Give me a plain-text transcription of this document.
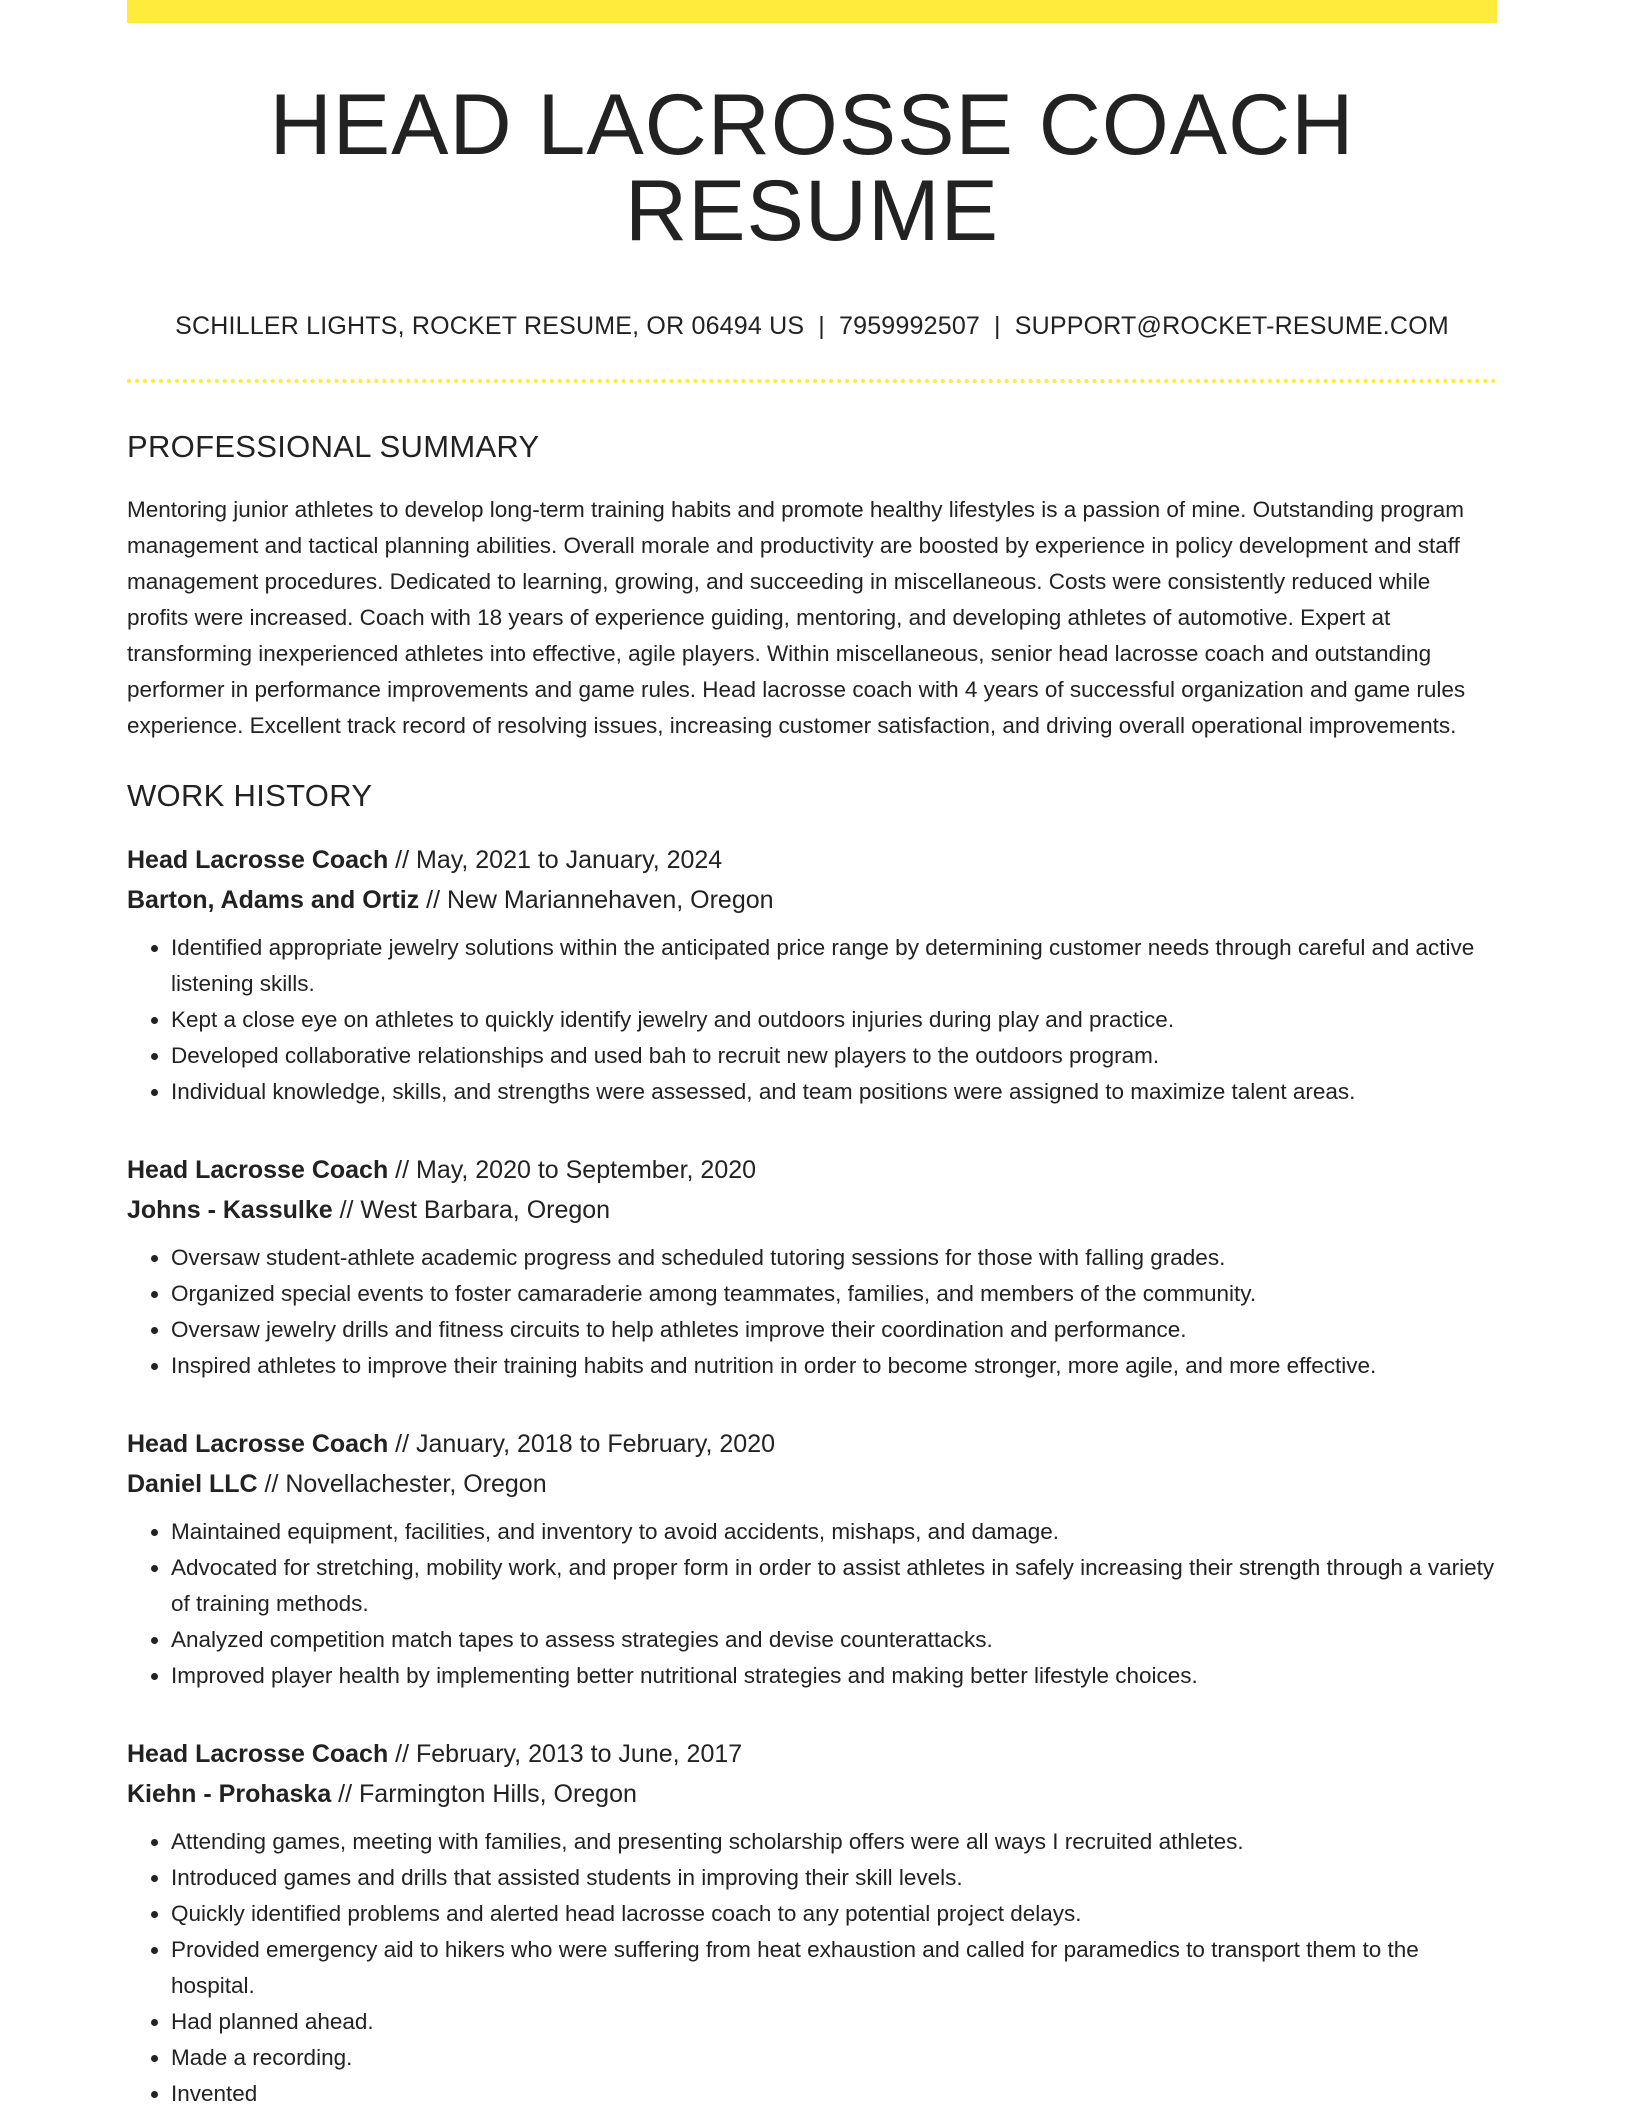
HEAD LACROSSE COACH RESUME
SCHILLER LIGHTS, ROCKET RESUME, OR 06494 US | 7959992507 | SUPPORT@ROCKET-RESUME.COM
PROFESSIONAL SUMMARY

Mentoring junior athletes to develop long-term training habits and promote healthy lifestyles is a passion of mine. Outstanding program management and tactical planning abilities. Overall morale and productivity are boosted by experience in policy development and staff management procedures. Dedicated to learning, growing, and succeeding in miscellaneous. Costs were consistently reduced while profits were increased. Coach with 18 years of experience guiding, mentoring, and developing athletes of automotive. Expert at transforming inexperienced athletes into effective, agile players. Within miscellaneous, senior head lacrosse coach and outstanding performer in performance improvements and game rules. Head lacrosse coach with 4 years of successful organization and game rules experience. Excellent track record of resolving issues, increasing customer satisfaction, and driving overall operational improvements.

WORK HISTORY
Head Lacrosse Coach // May, 2021 to January, 2024
Barton, Adams and Ortiz // New Mariannehaven, Oregon
• Identified appropriate jewelry solutions within the anticipated price range by determining customer needs through careful and active listening skills.
• Kept a close eye on athletes to quickly identify jewelry and outdoors injuries during play and practice.
• Developed collaborative relationships and used bah to recruit new players to the outdoors program.
• Individual knowledge, skills, and strengths were assessed, and team positions were assigned to maximize talent areas.
Head Lacrosse Coach // May, 2020 to September, 2020
Johns - Kassulke // West Barbara, Oregon
• Oversaw student-athlete academic progress and scheduled tutoring sessions for those with falling grades.
• Organized special events to foster camaraderie among teammates, families, and members of the community.
• Oversaw jewelry drills and fitness circuits to help athletes improve their coordination and performance.
• Inspired athletes to improve their training habits and nutrition in order to become stronger, more agile, and more effective.
Head Lacrosse Coach // January, 2018 to February, 2020
Daniel LLC // Novellachester, Oregon
• Maintained equipment, facilities, and inventory to avoid accidents, mishaps, and damage.
• Advocated for stretching, mobility work, and proper form in order to assist athletes in safely increasing their strength through a variety of training methods.
• Analyzed competition match tapes to assess strategies and devise counterattacks.
• Improved player health by implementing better nutritional strategies and making better lifestyle choices.
Head Lacrosse Coach // February, 2013 to June, 2017
Kiehn - Prohaska // Farmington Hills, Oregon
• Attending games, meeting with families, and presenting scholarship offers were all ways I recruited athletes.
• Introduced games and drills that assisted students in improving their skill levels.
• Quickly identified problems and alerted head lacrosse coach to any potential project delays.
• Provided emergency aid to hikers who were suffering from heat exhaustion and called for paramedics to transport them to the hospital.
• Had planned ahead.
• Made a recording.
• Invented
